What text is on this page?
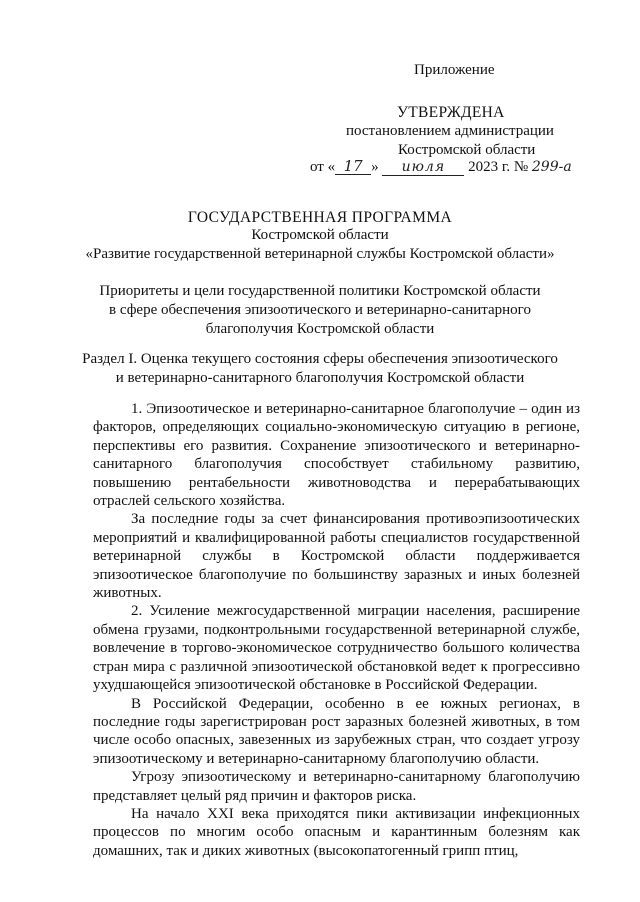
Приложение
УТВЕРЖДЕНА
постановлением администрации
Костромской области
от « 17 » июля 2023 г. № 299-а
ГОСУДАРСТВЕННАЯ ПРОГРАММА
Костромской области
«Развитие государственной ветеринарной службы Костромской области»
Приоритеты и цели государственной политики Костромской области
в сфере обеспечения эпизоотического и ветеринарно-санитарного
благополучия Костромской области
Раздел I. Оценка текущего состояния сферы обеспечения эпизоотического
и ветеринарно-санитарного благополучия Костромской области

1. Эпизоотическое и ветеринарно-санитарное благополучие – один из факторов, определяющих социально-экономическую ситуацию в регионе, перспективы его развития. Сохранение эпизоотического и ветеринарно-санитарного благополучия способствует стабильному развитию, повышению рентабельности животноводства и перерабатывающих отраслей сельского хозяйства.

За последние годы за счет финансирования противоэпизоотических мероприятий и квалифицированной работы специалистов государственной ветеринарной службы в Костромской области поддерживается эпизоотическое благополучие по большинству заразных и иных болезней животных.

2. Усиление межгосударственной миграции населения, расширение обмена грузами, подконтрольными государственной ветеринарной службе, вовлечение в торгово-экономическое сотрудничество большого количества стран мира с различной эпизоотической обстановкой ведет к прогрессивно ухудшающейся эпизоотической обстановке в Российской Федерации.

В Российской Федерации, особенно в ее южных регионах, в последние годы зарегистрирован рост заразных болезней животных, в том числе особо опасных, завезенных из зарубежных стран, что создает угрозу эпизоотическому и ветеринарно-санитарному благополучию области.

Угрозу эпизоотическому и ветеринарно-санитарному благополучию представляет целый ряд причин и факторов риска.

На начало XXI века приходятся пики активизации инфекционных процессов по многим особо опасным и карантинным болезням как домашних, так и диких животных (высокопатогенный грипп птиц,
